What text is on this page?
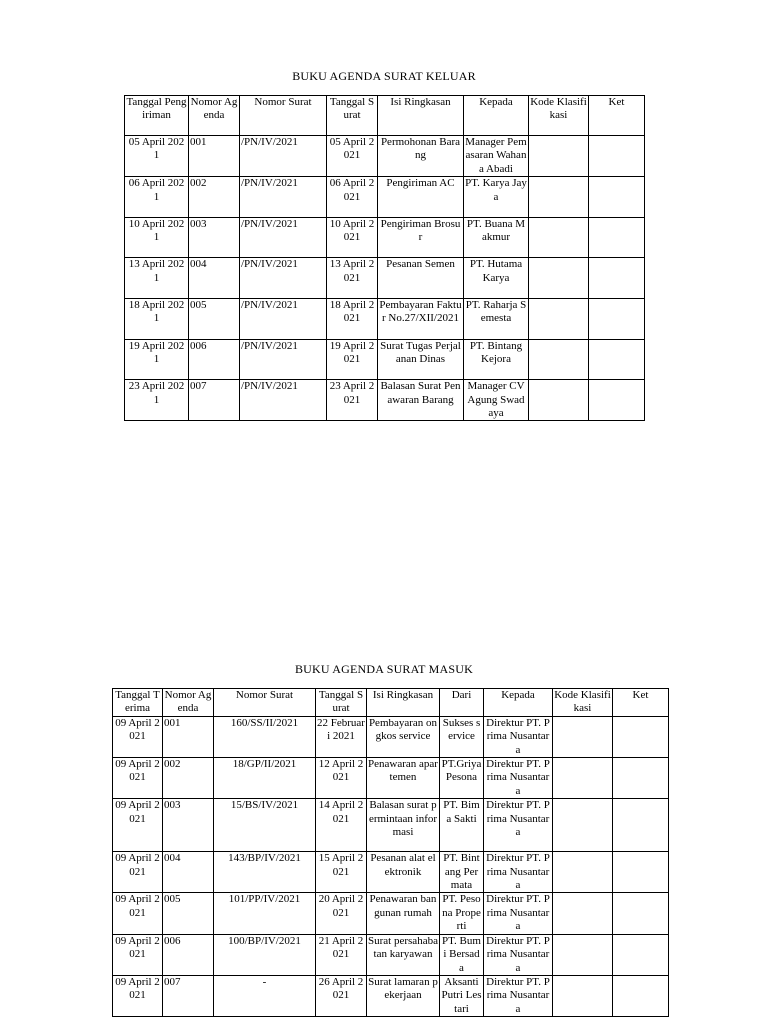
BUKU AGENDA SURAT KELUAR
Tanggal Pengiriman	Nomor Agenda	Nomor Surat	Tanggal Surat	Isi Ringkasan	Kepada	Kode Klasifikasi	Ket
05 April 2021	001	/PN/IV/2021	05 April 2021	Permohonan Barang	Manager Pemasaran Wahana Abadi		
06 April 2021	002	/PN/IV/2021	06 April 2021	Pengiriman AC	PT. Karya Jaya		
10 April 2021	003	/PN/IV/2021	10 April 2021	Pengiriman Brosur	PT. Buana Makmur		
13 April 2021	004	/PN/IV/2021	13 April 2021	Pesanan Semen	PT. Hutama Karya		
18 April 2021	005	/PN/IV/2021	18 April 2021	Pembayaran Faktur No.27/XII/2021	PT. Raharja Semesta		
19 April 2021	006	/PN/IV/2021	19 April 2021	Surat Tugas Perjalanan Dinas	PT. Bintang Kejora		
23 April 2021	007	/PN/IV/2021	23 April 2021	Balasan Surat Penawaran Barang	Manager CV Agung Swadaya		
BUKU AGENDA SURAT MASUK
Tanggal Terima	Nomor Agenda	Nomor Surat	Tanggal Surat	Isi Ringkasan	Dari	Kepada	Kode Klasifikasi	Ket
09 April 2021	001	160/SS/II/2021	22 Februari 2021	Pembayaran ongkos service	Sukses service	Direktur PT. Prima Nusantara		
09 April 2021	002	18/GP/II/2021	12 April 2021	Penawaran apartemen	PT.Griya Pesona	Direktur PT. Prima Nusantara		
09 April 2021	003	15/BS/IV/2021	14 April 2021	Balasan surat permintaan informasi	PT. Bima Sakti	Direktur PT. Prima Nusantara		
09 April 2021	004	143/BP/IV/2021	15 April 2021	Pesanan alat elektronik	PT. Bintang Permata	Direktur PT. Prima Nusantara		
09 April 2021	005	101/PP/IV/2021	20 April 2021	Penawaran bangunan rumah	PT. Pesona Properti	Direktur PT. Prima Nusantara		
09 April 2021	006	100/BP/IV/2021	21 April 2021	Surat persahabatan karyawan	PT. Bumi Bersada	Direktur PT. Prima Nusantara		
09 April 2021	007	-	26 April 2021	Surat lamaran pekerjaan	Aksanti Putri Lestari	Direktur PT. Prima Nusantara		
